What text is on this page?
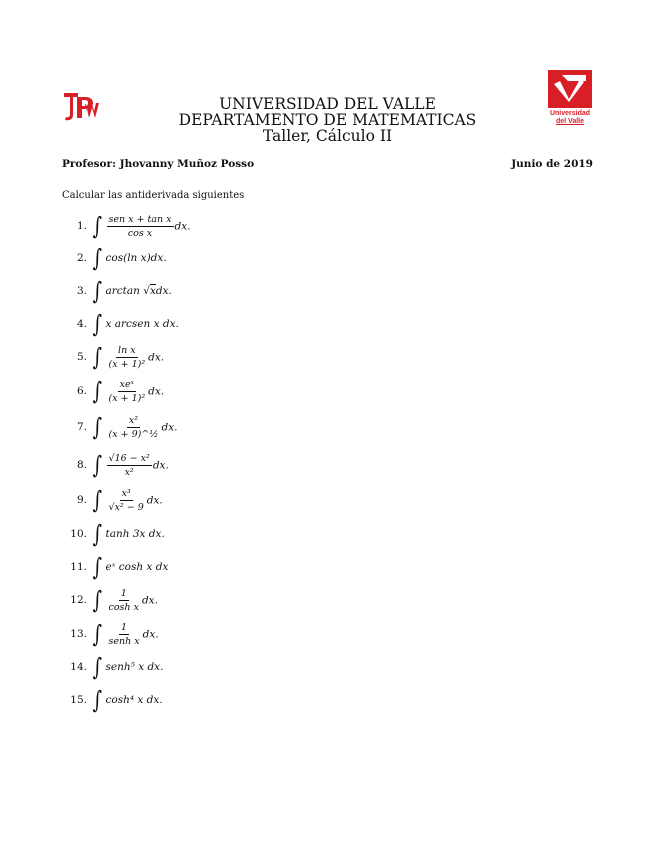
UNIVERSIDAD DEL VALLE
DEPARTAMENTO DE MATEMATICAS
Taller, Cálculo II
Universidad
del Valle
Profesor: Jhovanny Muñoz Posso	Junio de 2019
Calcular las antiderivada siguientes
1. ∫ $\frac{\text{sen x + tan x}}{\text{cos x}}$ dx.
2. ∫ cos(ln x)dx.
3. ∫ arctan √xdx.
4. ∫ x arcsen x dx.
5. ∫ $\frac{\text{ln x}}{\text{(x + 1)²}}$ dx.
6. ∫ $\frac{\text{xeˣ}}{\text{(x + 1)²}}$ dx.
7. ∫ $\frac{\text{x²}}{\text{(x + 9)\textasciicircum{}½}}$ dx.
8. ∫ $\frac{\text{√16 − x²}}{\text{x²}}$ dx.
9. ∫ $\frac{\text{x³}}{\text{√x² − 9}}$ dx.
10. ∫ tanh 3x dx.
11. ∫ eˣ cosh x dx
12. ∫ $\frac{1}{\text{cosh x}}$ dx.
13. ∫ $\frac{1}{\text{senh x}}$ dx.
14. ∫ senh⁵ x dx.
15. ∫ cosh⁴ x dx.
